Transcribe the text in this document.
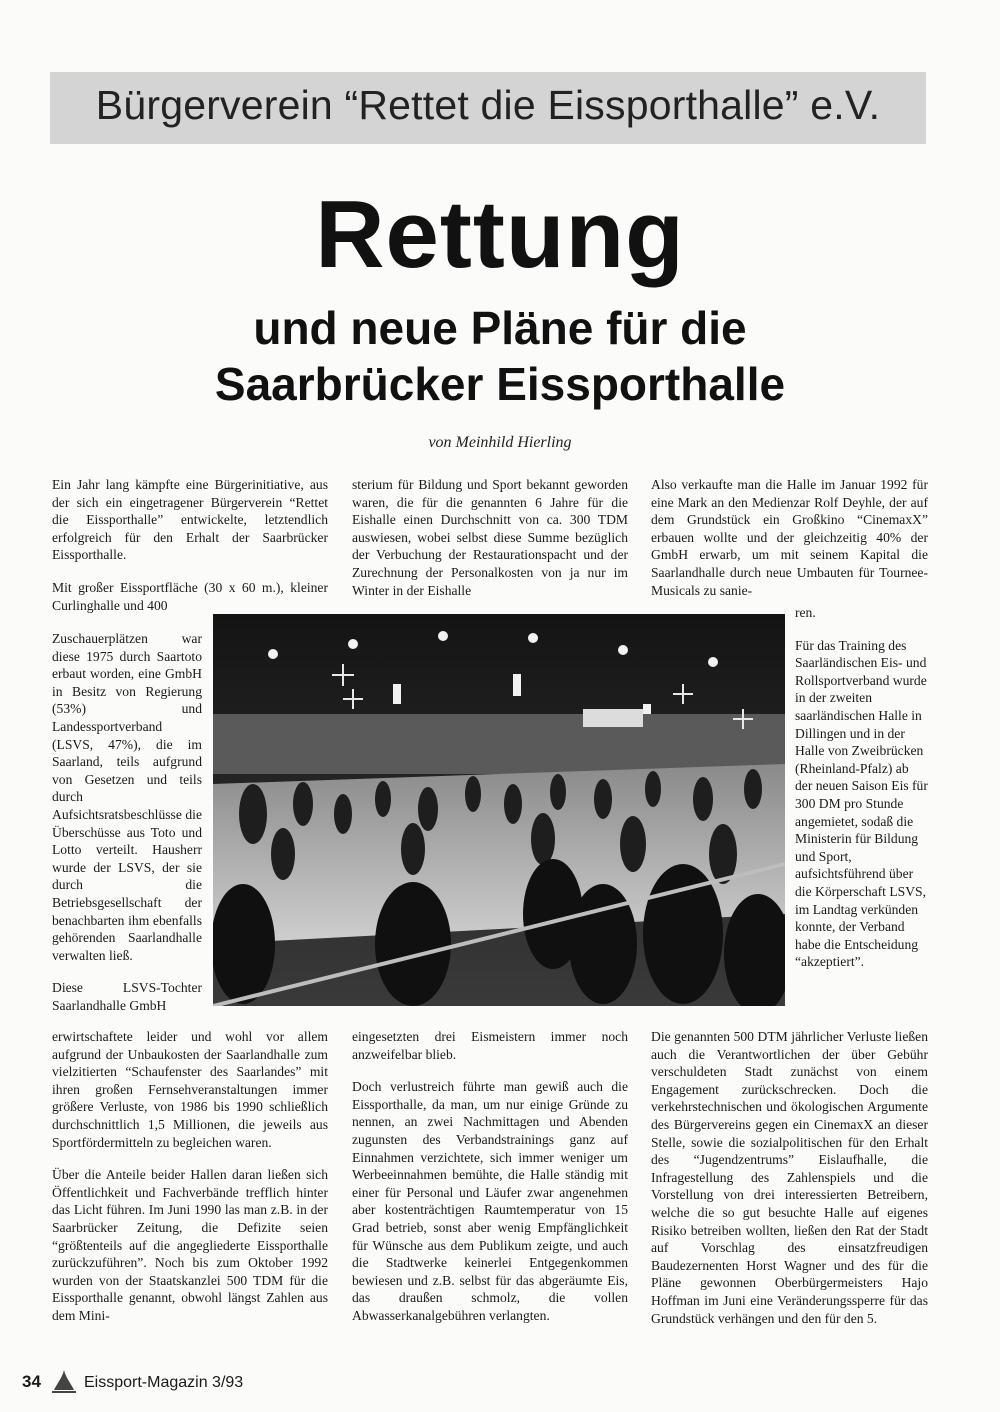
Bürgerverein “Rettet die Eissporthalle” e.V.
Rettung
und neue Pläne für die
Saarbrücker Eissporthalle
von Meinhild Hierling

Ein Jahr lang kämpfte eine Bürgerinitiative, aus der sich ein eingetragener Bürgerverein “Rettet die Eissporthalle” entwickelte, letztendlich erfolgreich für den Erhalt der Saarbrücker Eissporthalle.

Mit großer Eissportfläche (30 x 60 m.), kleiner Curlinghalle und 400

Zuschauerplätzen war diese 1975 durch Saartoto erbaut worden, eine GmbH in Besitz von Regierung (53%) und Landessportverband (LSVS, 47%), die im Saarland, teils aufgrund von Gesetzen und teils durch Aufsichtsratsbeschlüsse die Überschüsse aus Toto und Lotto verteilt. Hausherr wurde der LSVS, der sie durch die Betriebsgesellschaft der benachbarten ihm ebenfalls gehörenden Saarlandhalle verwalten ließ.

Diese LSVS-Tochter Saarlandhalle GmbH

erwirtschaftete leider und wohl vor allem aufgrund der Unbaukosten der Saarlandhalle zum vielzitierten “Schaufenster des Saarlandes” mit ihren großen Fernsehveranstaltungen immer größere Verluste, von 1986 bis 1990 schließlich durchschnittlich 1,5 Millionen, die jeweils aus Sportfördermitteln zu begleichen waren.

Über die Anteile beider Hallen daran ließen sich Öffentlichkeit und Fachverbände trefflich hinter das Licht führen. Im Juni 1990 las man z.B. in der Saarbrücker Zeitung, die Defizite seien “größtenteils auf die angegliederte Eissporthalle zurückzuführen”. Noch bis zum Oktober 1992 wurden von der Staatskanzlei 500 TDM für die Eissporthalle genannt, obwohl längst Zahlen aus dem Mini-

sterium für Bildung und Sport bekannt geworden waren, die für die genannten 6 Jahre für die Eishalle einen Durchschnitt von ca. 300 TDM auswiesen, wobei selbst diese Summe bezüglich der Verbuchung der Restaurationspacht und der Zurechnung der Personalkosten von ja nur im Winter in der Eishalle

eingesetzten drei Eismeistern immer noch anzweifelbar blieb.

Doch verlustreich führte man gewiß auch die Eissporthalle, da man, um nur einige Gründe zu nennen, an zwei Nachmittagen und Abenden zugunsten des Verbandstrainings ganz auf Einnahmen verzichtete, sich immer weniger um Werbeeinnahmen bemühte, die Halle ständig mit einer für Personal und Läufer zwar angenehmen aber kostenträchtigen Raumtemperatur von 15 Grad betrieb, sonst aber wenig Empfänglichkeit für Wünsche aus dem Publikum zeigte, und auch die Stadtwerke keinerlei Entgegenkommen bewiesen und z.B. selbst für das abgeräumte Eis, das draußen schmolz, die vollen Abwasserkanalgebühren verlangten.

Also verkaufte man die Halle im Januar 1992 für eine Mark an den Medienzar Rolf Deyhle, der auf dem Grundstück ein Großkino “CinemaxX” erbauen wollte und der gleichzeitig 40% der GmbH erwarb, um mit seinem Kapital die Saarlandhalle durch neue Umbauten für Tournee-Musicals zu sanie-

ren.

Für das Training des Saarländischen Eis- und Rollsportverband wurde in der zweiten saarländischen Halle in Dillingen und in der Halle von Zweibrücken (Rheinland-Pfalz) ab der neuen Saison Eis für 300 DM pro Stunde angemietet, sodaß die Ministerin für Bildung und Sport, aufsichtsführend über die Körperschaft LSVS, im Landtag verkünden konnte, der Verband habe die Entscheidung “akzeptiert”.

Die genannten 500 DTM jährlicher Verluste ließen auch die Verantwortlichen der über Gebühr verschuldeten Stadt zunächst von einem Engagement zurückschrecken. Doch die verkehrstechnischen und ökologischen Argumente des Bürgervereins gegen ein CinemaxX an dieser Stelle, sowie die sozialpolitischen für den Erhalt des “Jugendzentrums” Eislaufhalle, die Infragestellung des Zahlenspiels und die Vorstellung von drei interessierten Betreibern, welche die so gut besuchte Halle auf eigenes Risiko betreiben wollten, ließen den Rat der Stadt auf Vorschlag des einsatzfreudigen Baudezernenten Horst Wagner und des für die Pläne gewonnen Oberbürgermeisters Hajo Hoffman im Juni eine Veränderungssperre für das Grundstück verhängen und den für den 5.

34	Eissport-Magazin 3/93
